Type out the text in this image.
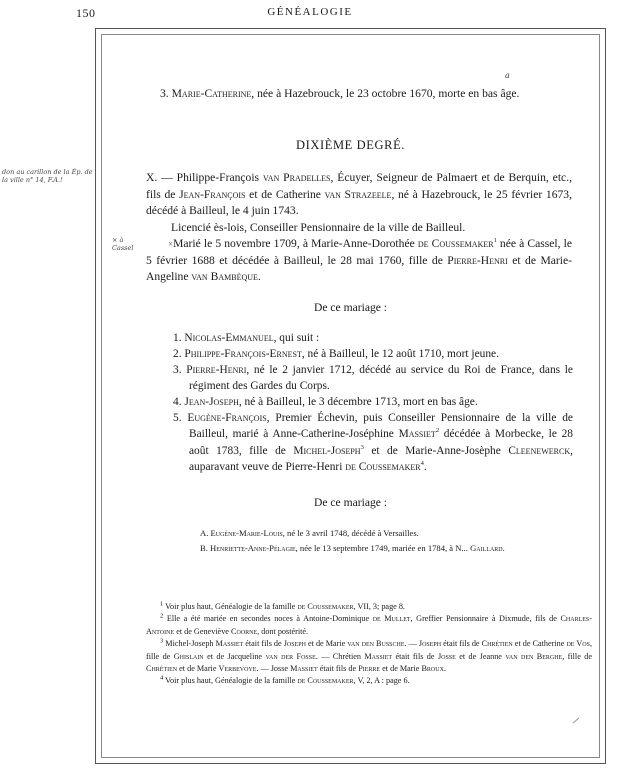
150	GÉNÉALOGIE
don au carillon de la Ép. de la ville n° 14, F.A.!
× à Cassel
a
3. Marie-Catherine, née à Hazebrouck, le 23 octobre 1670, morte en bas âge.
DIXIÈME DEGRÉ.
X. — Philippe-François van Pradelles, Écuyer, Seigneur de Palmaert et de Berquin, etc., fils de Jean-François et de Catherine van Strazeele, né à Hazebrouck, le 25 février 1673, décédé à Bailleul, le 4 juin 1743.
Licencié ès-lois, Conseiller Pensionnaire de la ville de Bailleul.
×Marié le 5 novembre 1709, à Marie-Anne-Dorothée de Coussemaker$^1$ née à Cassel, le 5 février 1688 et décédée à Bailleul, le 28 mai 1760, fille de Pierre-Henri et de Marie-Angeline van Bambèque.
De ce mariage :
1. Nicolas-Emmanuel, qui suit :
2. Philippe-François-Ernest, né à Bailleul, le 12 août 1710, mort jeune.
3. Pierre-Henri, né le 2 janvier 1712, décédé au service du Roi de France, dans le régiment des Gardes du Corps.
4. Jean-Joseph, né à Bailleul, le 3 décembre 1713, mort en bas âge.
5. Eugène-François, Premier Échevin, puis Conseiller Pensionnaire de la ville de Bailleul, marié à Anne-Catherine-Joséphine Massiet$^2$ décédée à Morbecke, le 28 août 1783, fille de Michel-Joseph$^3$ et de Marie-Anne-Josèphe Cleenewerck, auparavant veuve de Pierre-Henri de Coussemaker$^4$.
De ce mariage :
A. Eugène-Marie-Louis, né le 3 avril 1748, décédé à Versailles.
B. Henriette-Anne-Pélagie, née le 13 septembre 1749, mariée en 1784, à N... Gaillard.

$^1$ Voir plus haut, Généalogie de la famille de Coussemaker, VII, 3; page 8.

$^2$ Elle a été mariée en secondes noces à Antoine-Dominique de Mullet, Greffier Pensionnaire à Dixmude, fils de Charles-Antoine et de Geneviève Coorne, dont postérité.

$^3$ Michel-Joseph Massiet était fils de Joseph et de Marie van den Bussche. — Joseph était fils de Chrétien et de Catherine de Vos, fille de Ghislain et de Jacqueline van der Fosse. — Chrétien Massiet était fils de Josse et de Jeanne van den Berghe, fille de Chrétien et de Marie Verbevoye. — Josse Massiet était fils de Pierre et de Marie Broux.

$^4$ Voir plus haut, Généalogie de la famille de Coussemaker, V, 2, A : page 6.
